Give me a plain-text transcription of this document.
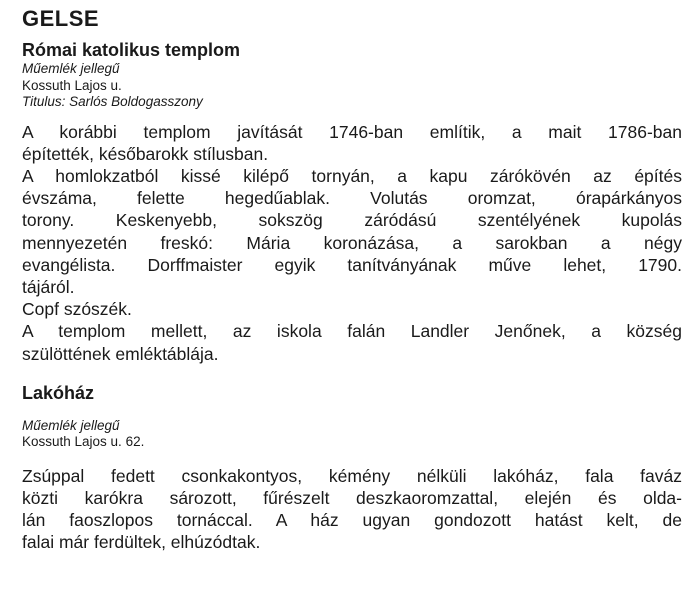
GELSE
Római katolikus templom

Műemlék jellegű

Kossuth Lajos u.

Titulus: Sarlós Boldogasszony

A korábbi templom javítását 1746-ban említik, a mait 1786-ban
építették, későbarokk stílusban.

A homlokzatból kissé kilépő tornyán, a kapu zárókövén az építés
évszáma, felette hegedűablak. Volutás oromzat, órapárkányos
torony. Keskenyebb, sokszög záródású szentélyének kupolás
mennyezetén freskó: Mária koronázása, a sarokban a négy
evangélista. Dorffmaister egyik tanítványának műve lehet, 1790.
tájáról.

Copf szószék.

A templom mellett, az iskola falán Landler Jenőnek, a község
szülöttének emléktáblája.

Lakóház

Műemlék jellegű

Kossuth Lajos u. 62.

Zsúppal fedett csonkakontyos, kémény nélküli lakóház, fala faváz
közti karókra sározott, fűrészelt deszkaoromzattal, elején és olda-
lán faoszlopos tornáccal. A ház ugyan gondozott hatást kelt, de
falai már ferdültek, elhúzódtak.
